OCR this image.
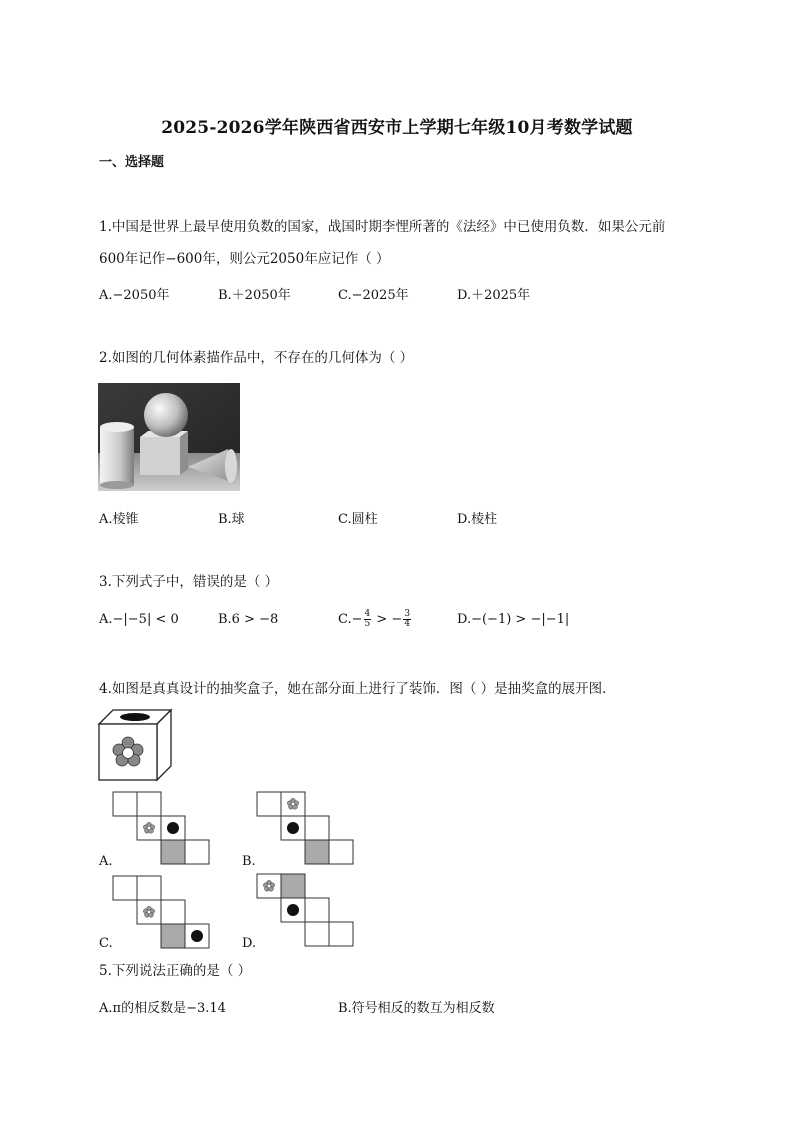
2025-2026学年陕西省西安市上学期七年级10月考数学试题
一、选择题
1.中国是世界上最早使用负数的国家，战国时期李悝所著的《法经》中已使用负数．如果公元前
600年记作−600年，则公元2050年应记作（ ）
A.−2050年	B.＋2050年	C.−2025年	D.＋2025年
2.如图的几何体素描作品中，不存在的几何体为（ ）
A.棱锥	B.球	C.圆柱	D.棱柱
3.下列式子中，错误的是（ ）
A.−|−5| < 0	B.6 > −8	$C.- \frac{4}{5}$ > − $\frac{3}{4}$	D.−(−1) > −|−1|
4.如图是真真设计的抽奖盒子，她在部分面上进行了装饰．图（ ）是抽奖盒的展开图．
A.	B.
C.	D.
5.下列说法正确的是（ ）
A.π的相反数是−3.14	B.符号相反的数互为相反数
